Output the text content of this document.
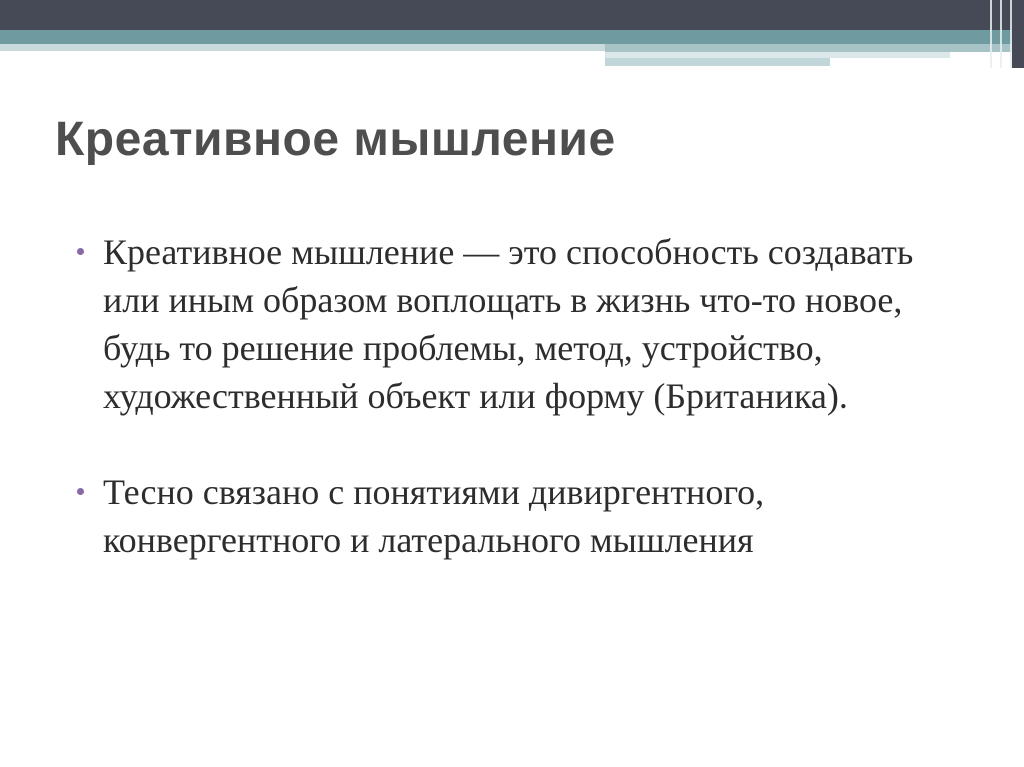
Креативное мышление
Креативное мышление — это способность создавать или иным образом воплощать в жизнь что-то новое, будь то решение проблемы, метод, устройство, художественный объект или форму (Британика).
Тесно связано с понятиями дивиргентного, конвергентного и латерального мышления
